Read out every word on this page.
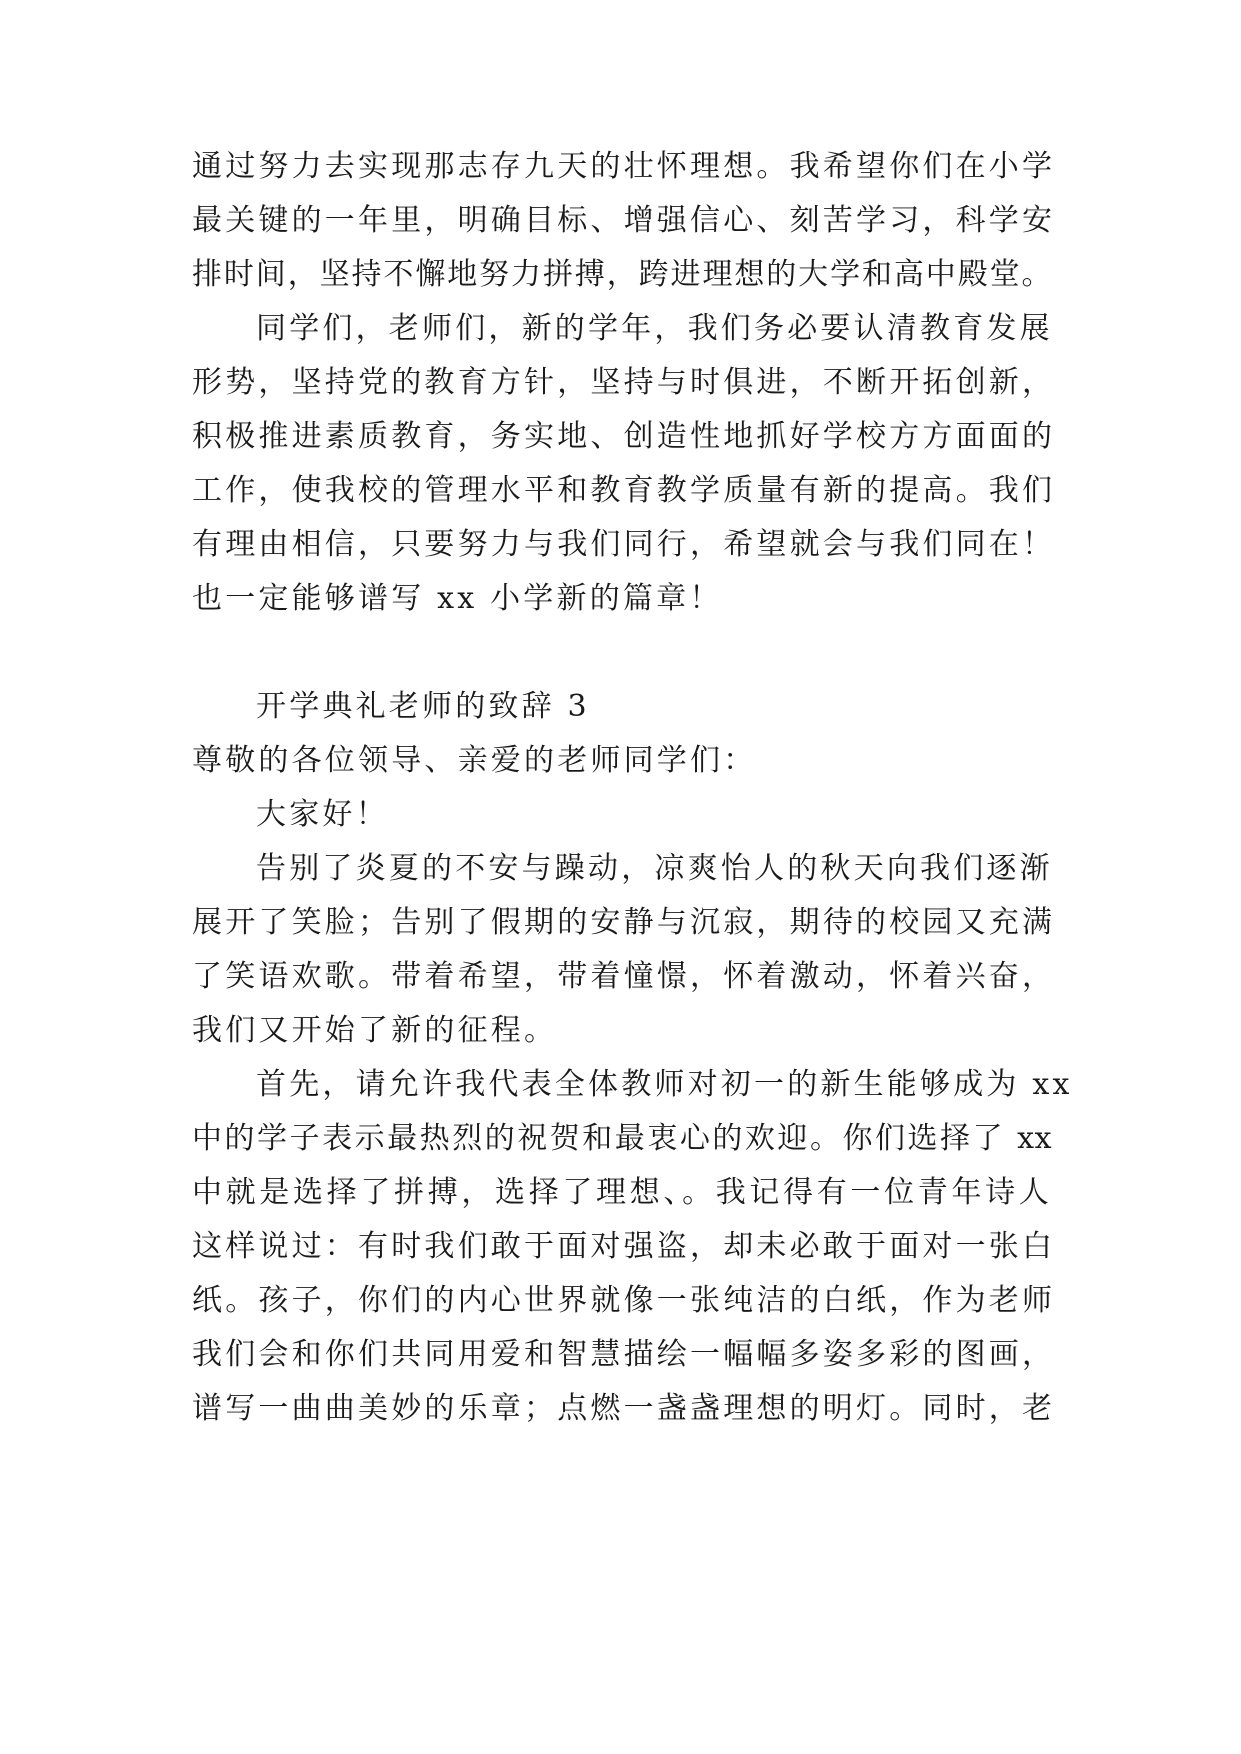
通过努力去实现那志存九天的壮怀理想。我希望你们在小学
最关键的一年里，明确目标、增强信心、刻苦学习，科学安
排时间，坚持不懈地努力拼搏，跨进理想的大学和高中殿堂。
同学们，老师们，新的学年，我们务必要认清教育发展
形势，坚持党的教育方针，坚持与时俱进，不断开拓创新，
积极推进素质教育，务实地、创造性地抓好学校方方面面的
工作，使我校的管理水平和教育教学质量有新的提高。我们
有理由相信，只要努力与我们同行，希望就会与我们同在！
也一定能够谱写 xx 小学新的篇章！
开学典礼老师的致辞 3
尊敬的各位领导、亲爱的老师同学们：
大家好！
告别了炎夏的不安与躁动，凉爽怡人的秋天向我们逐渐
展开了笑脸；告别了假期的安静与沉寂，期待的校园又充满
了笑语欢歌。带着希望，带着憧憬，怀着激动，怀着兴奋，
我们又开始了新的征程。
首先，请允许我代表全体教师对初一的新生能够成为 xx
中的学子表示最热烈的祝贺和最衷心的欢迎。你们选择了 xx
中就是选择了拼搏，选择了理想、。我记得有一位青年诗人
这样说过：有时我们敢于面对强盗，却未必敢于面对一张白
纸。孩子，你们的内心世界就像一张纯洁的白纸，作为老师
我们会和你们共同用爱和智慧描绘一幅幅多姿多彩的图画，
谱写一曲曲美妙的乐章；点燃一盏盏理想的明灯。同时，老
